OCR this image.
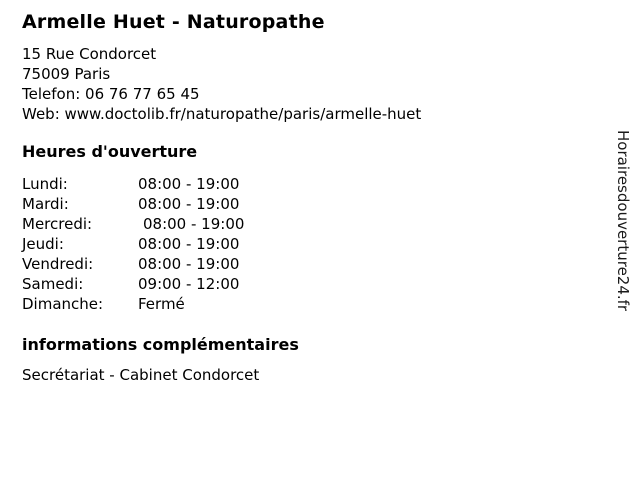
Armelle Huet - Naturopathe
15 Rue Condorcet
75009 Paris
Telefon: 06 76 77 65 45
Web: www.doctolib.fr/naturopathe/paris/armelle-huet
Heures d'ouverture
Lundi:	08:00 - 19:00
Mardi:	08:00 - 19:00
Mercredi:	08:00 - 19:00
Jeudi:	08:00 - 19:00
Vendredi:	08:00 - 19:00
Samedi:	09:00 - 12:00
Dimanche:	Fermé
informations complémentaires
Secrétariat - Cabinet Condorcet
Horairesdouverture24.fr
